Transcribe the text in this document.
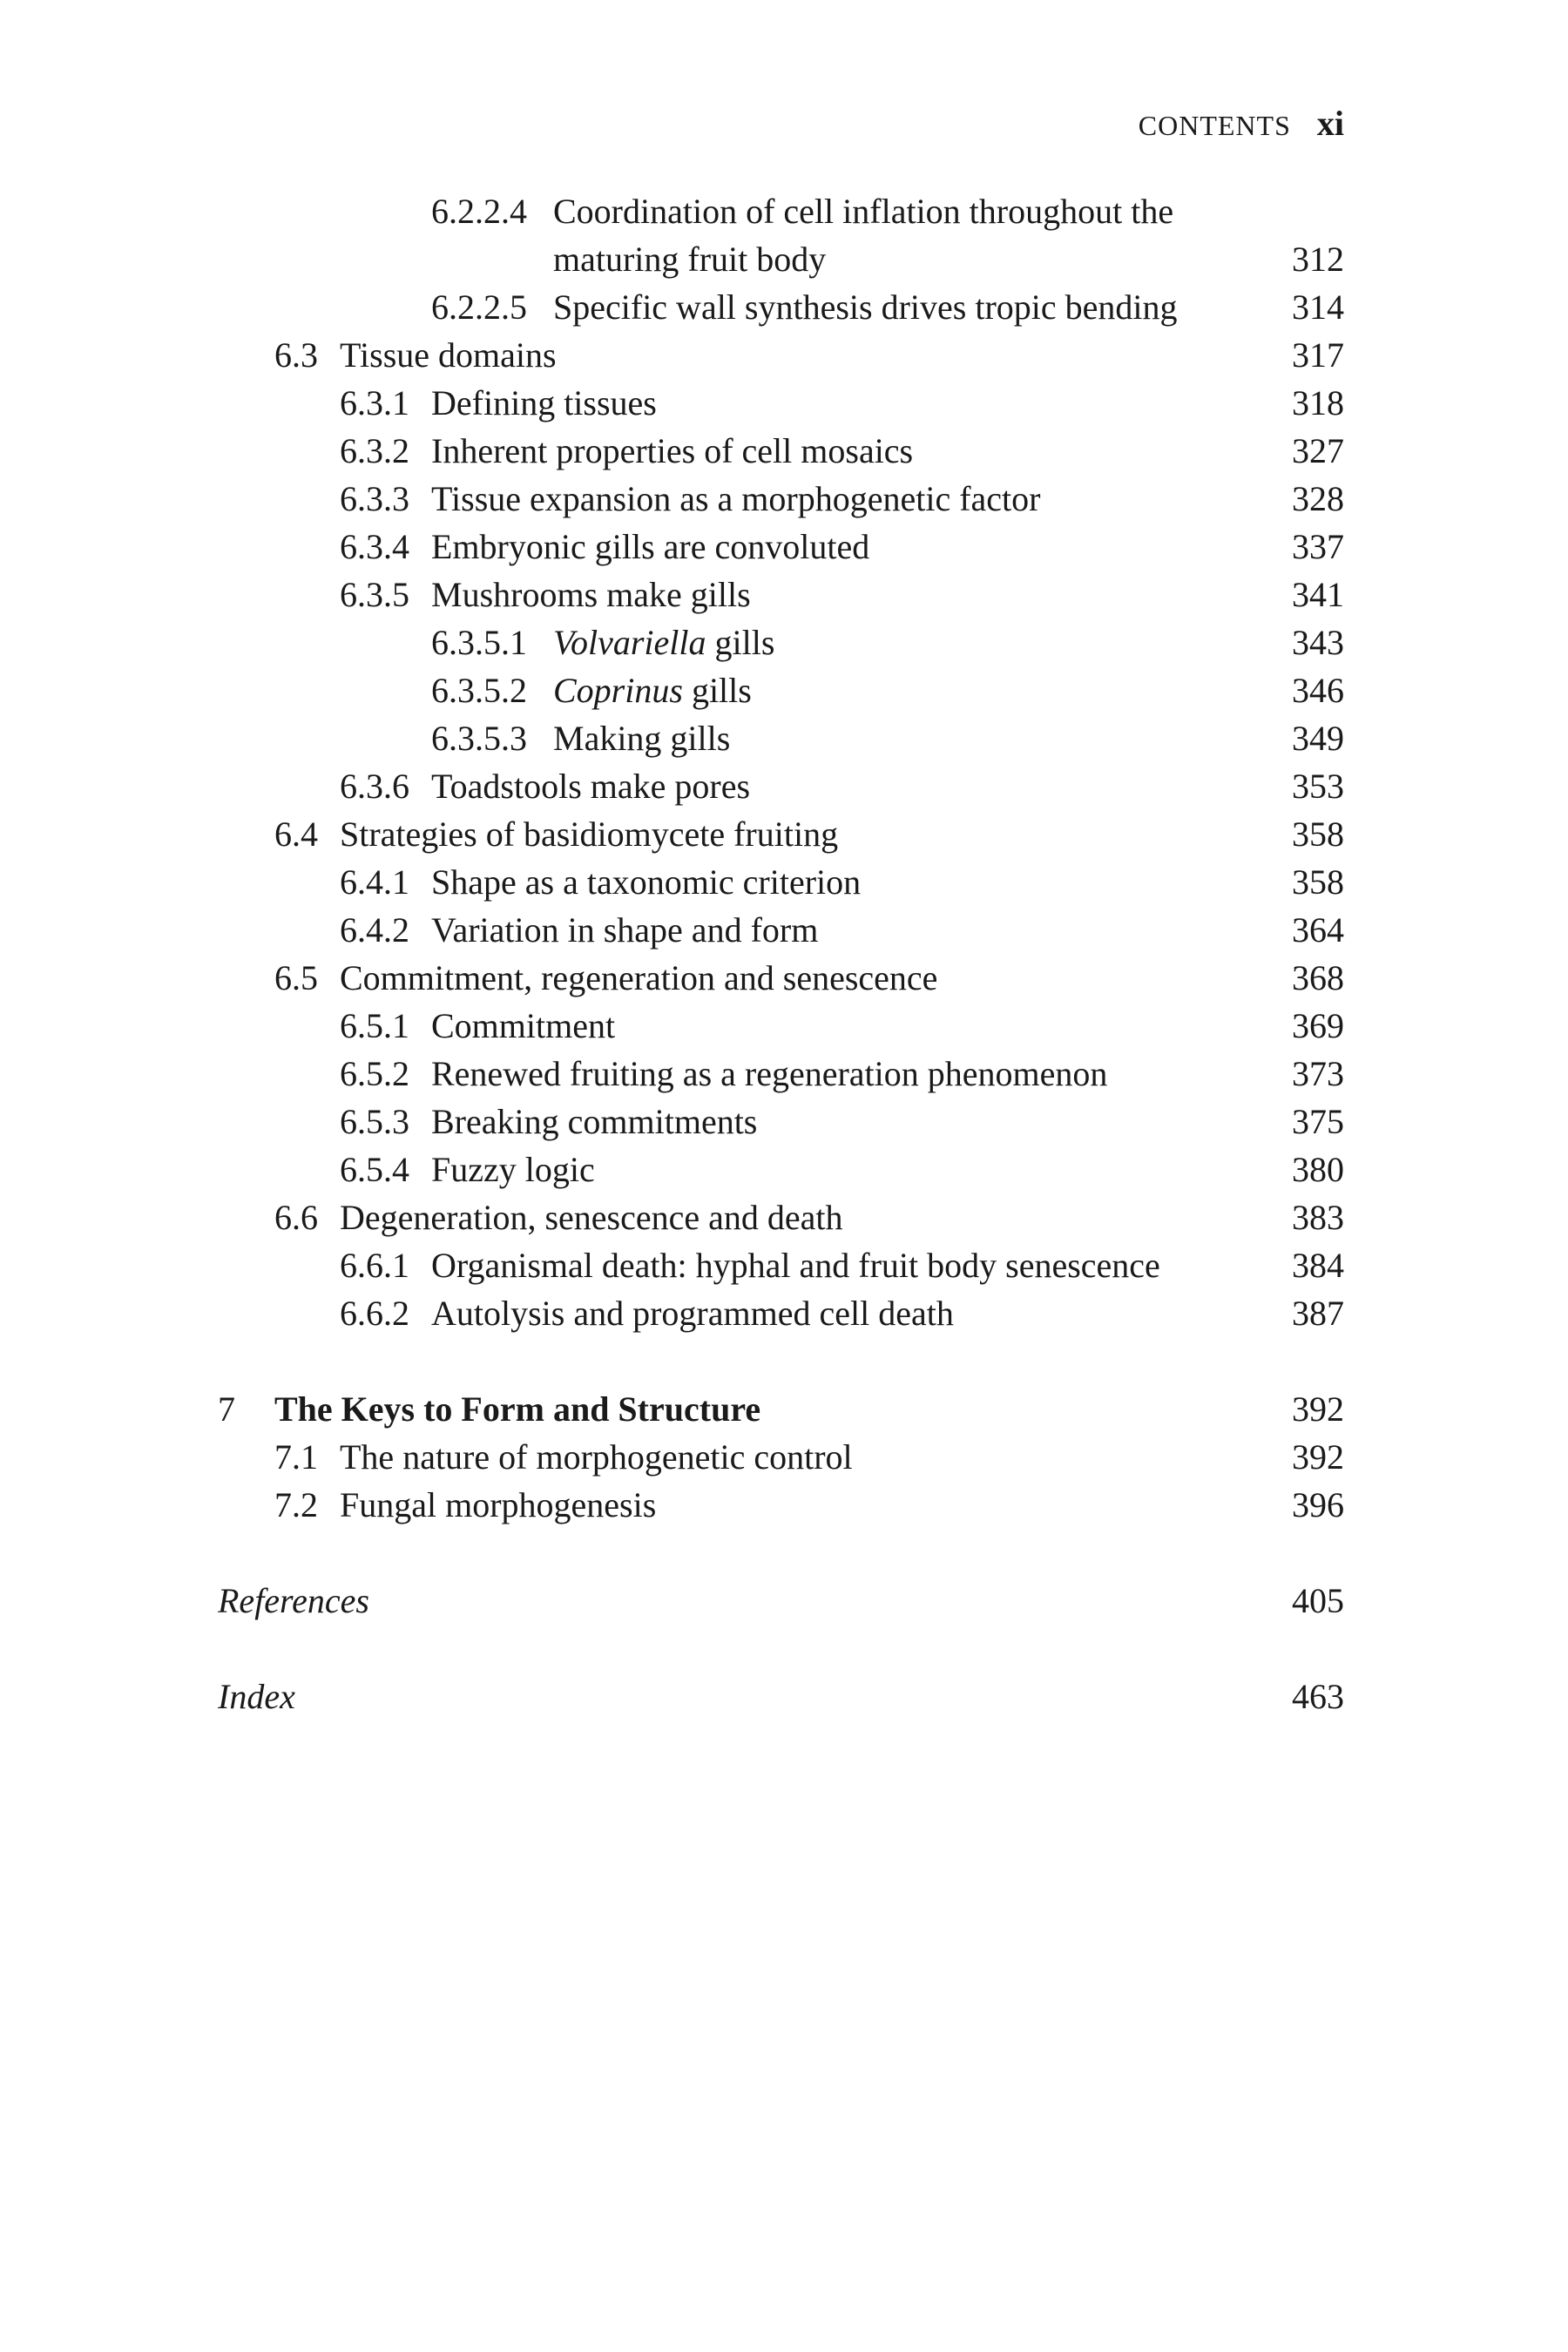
CONTENTS xi
6.2.2.4 Coordination of cell inflation throughout the
maturing fruit body	312
6.2.2.5 Specific wall synthesis drives tropic bending	314
6.3 Tissue domains	317
6.3.1 Defining tissues	318
6.3.2 Inherent properties of cell mosaics	327
6.3.3 Tissue expansion as a morphogenetic factor	328
6.3.4 Embryonic gills are convoluted	337
6.3.5 Mushrooms make gills	341
6.3.5.1 Volvariella gills	343
6.3.5.2 Coprinus gills	346
6.3.5.3 Making gills	349
6.3.6 Toadstools make pores	353
6.4 Strategies of basidiomycete fruiting	358
6.4.1 Shape as a taxonomic criterion	358
6.4.2 Variation in shape and form	364
6.5 Commitment, regeneration and senescence	368
6.5.1 Commitment	369
6.5.2 Renewed fruiting as a regeneration phenomenon	373
6.5.3 Breaking commitments	375
6.5.4 Fuzzy logic	380
6.6 Degeneration, senescence and death	383
6.6.1 Organismal death: hyphal and fruit body senescence	384
6.6.2 Autolysis and programmed cell death	387
7 The Keys to Form and Structure	392
7.1 The nature of morphogenetic control	392
7.2 Fungal morphogenesis	396
References	405
Index	463
